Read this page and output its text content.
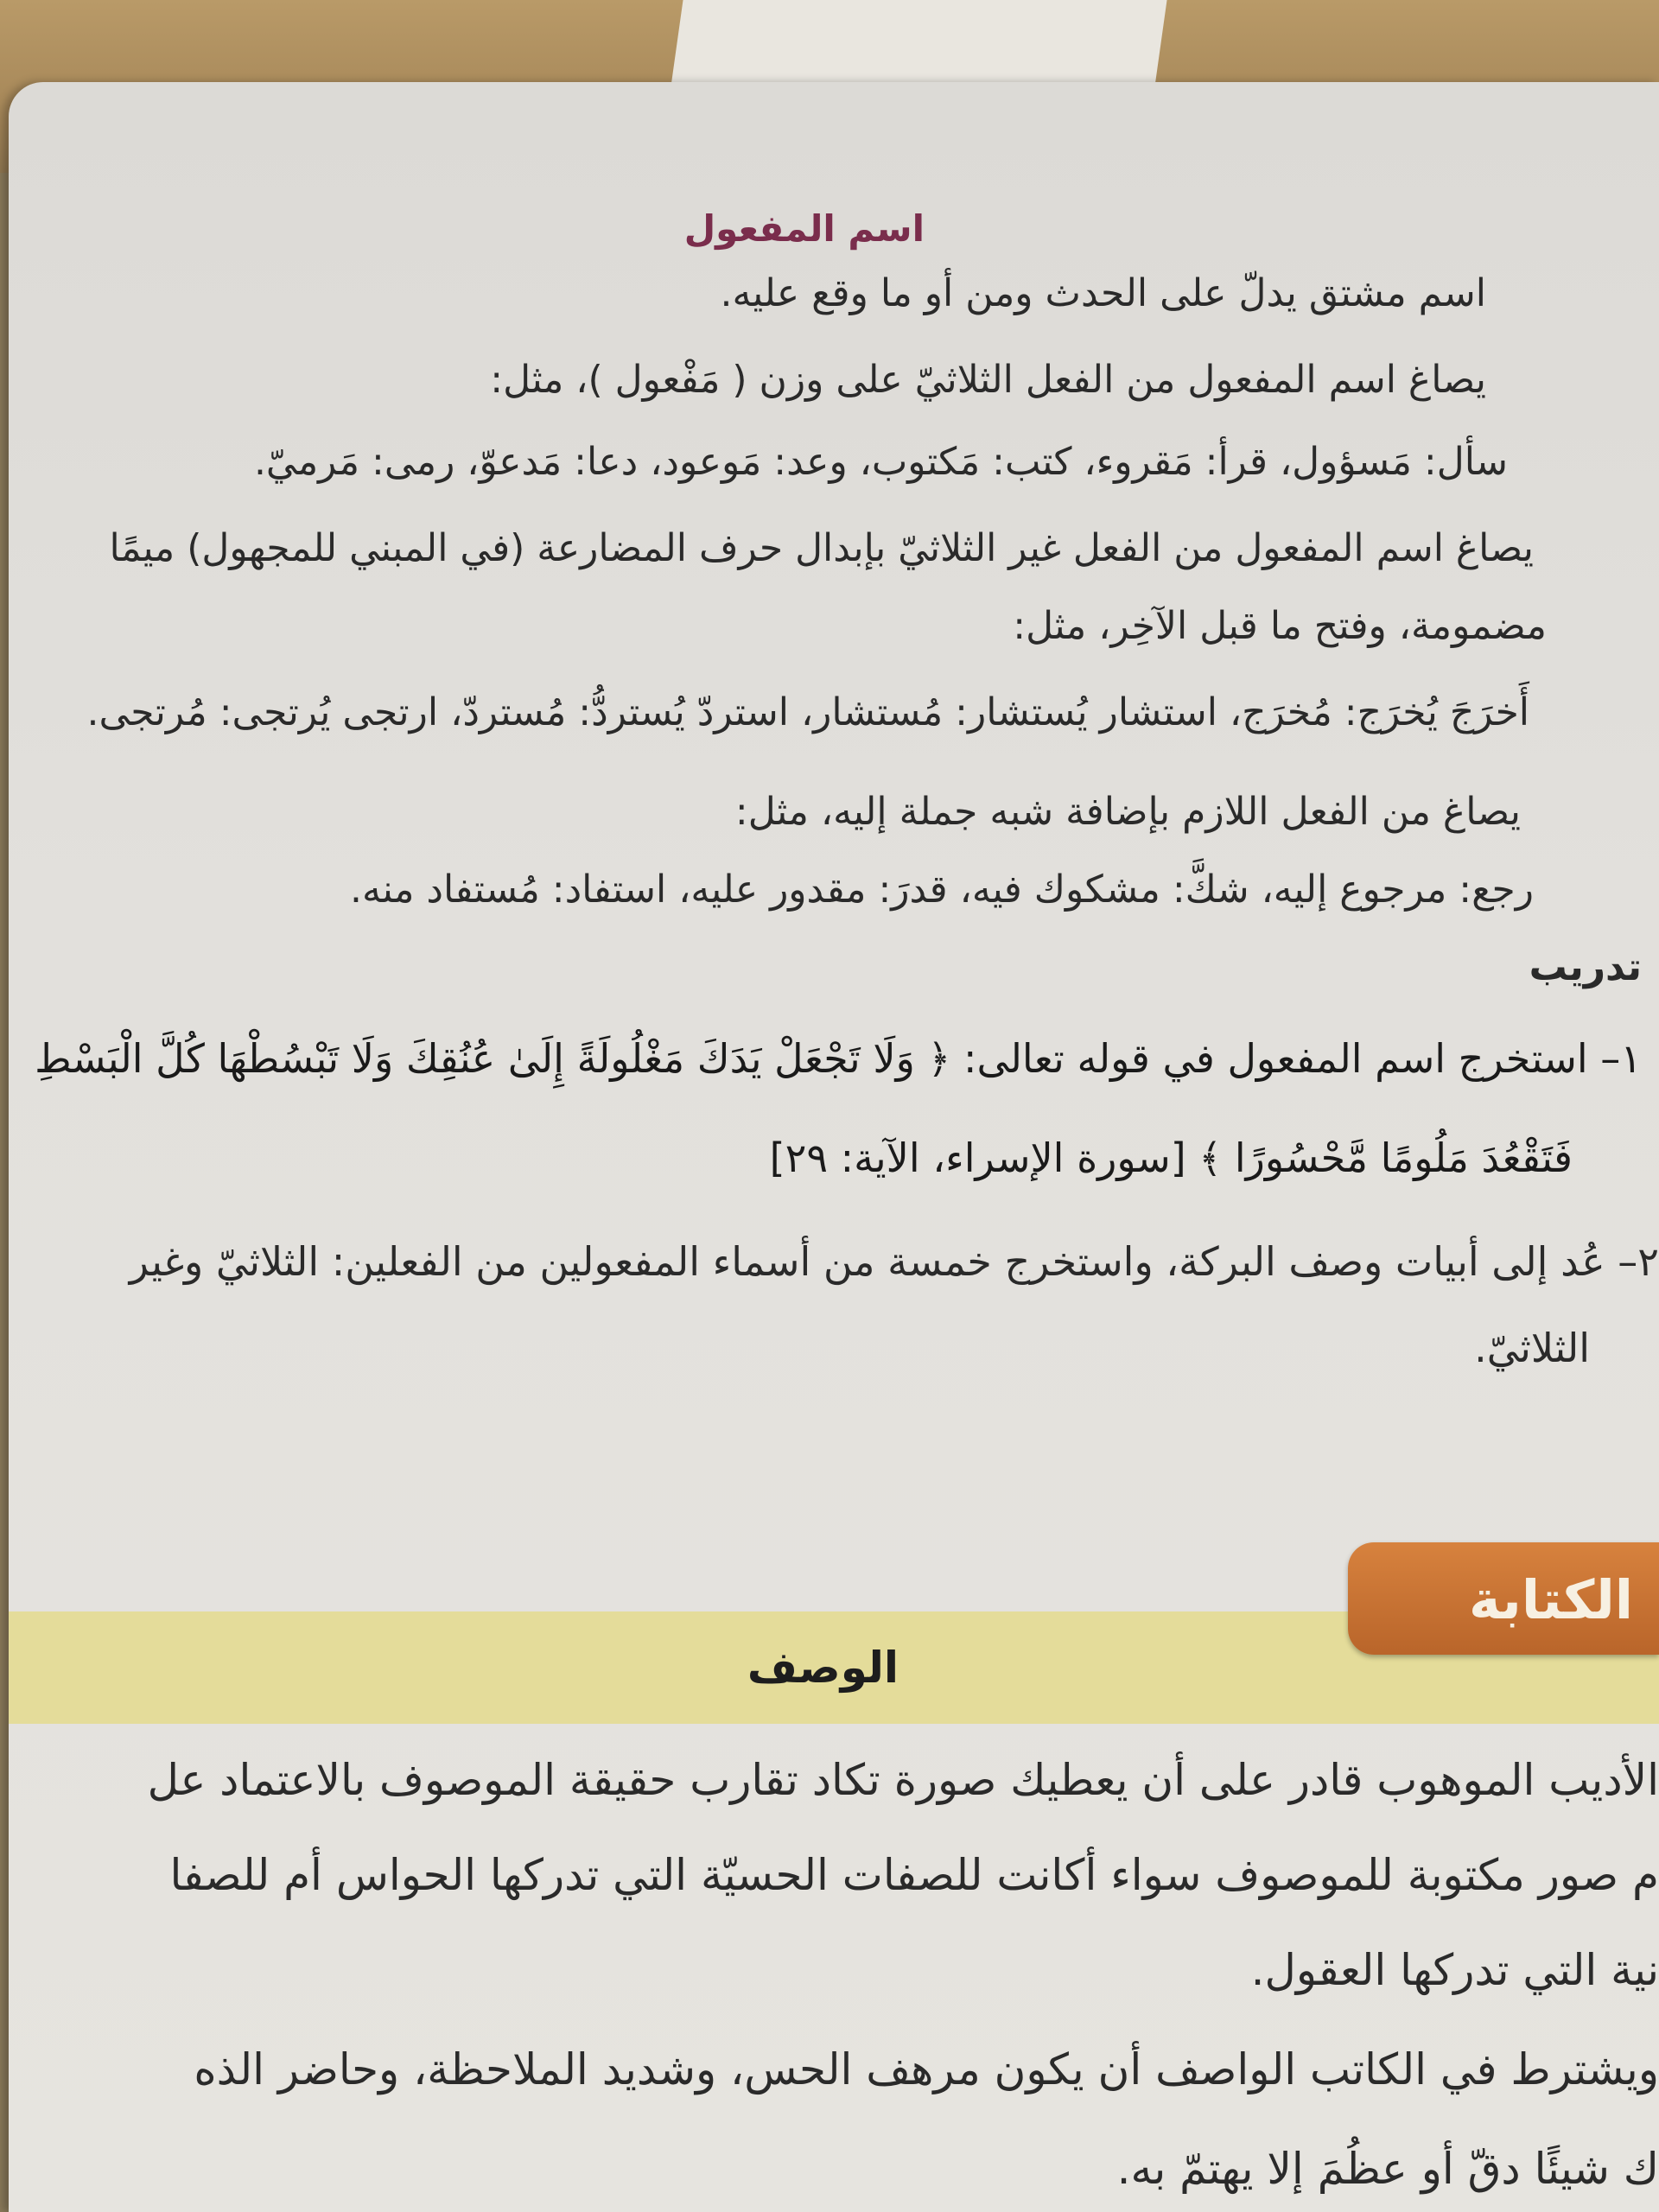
اسم المفعول
اسم مشتق يدلّ على الحدث ومن أو ما وقع عليه.
يصاغ اسم المفعول من الفعل الثلاثيّ على وزن ( مَفْعول )، مثل:
سأل: مَسؤول، قرأ: مَقروء، كتب: مَكتوب، وعد: مَوعود، دعا: مَدعوّ، رمى: مَرميّ.
يصاغ اسم المفعول من الفعل غير الثلاثيّ بإبدال حرف المضارعة (في المبني للمجهول) ميمًا
مضمومة، وفتح ما قبل الآخِر، مثل:
أَخرَجَ يُخرَج: مُخرَج، استشار يُستشار: مُستشار، استردّ يُستردُّ: مُستردّ، ارتجى يُرتجى: مُرتجى.
يصاغ من الفعل اللازم بإضافة شبه جملة إليه، مثل:
رجع: مرجوع إليه، شكَّ: مشكوك فيه، قدرَ: مقدور عليه، استفاد: مُستفاد منه.
تدريب
١– استخرج اسم المفعول في قوله تعالى: ﴿ وَلَا تَجْعَلْ يَدَكَ مَغْلُولَةً إِلَىٰ عُنُقِكَ وَلَا تَبْسُطْهَا كُلَّ الْبَسْطِ
فَتَقْعُدَ مَلُومًا مَّحْسُورًا ﴾ [سورة الإسراء، الآية: ٢٩]
٢– عُد إلى أبيات وصف البركة، واستخرج خمسة من أسماء المفعولين من الفعلين: الثلاثيّ وغير
الثلاثيّ.
الوصف
الكتابة
الأديب الموهوب قادر على أن يعطيك صورة تكاد تقارب حقيقة الموصوف بالاعتماد عل
م صور مكتوبة للموصوف سواء أكانت للصفات الحسيّة التي تدركها الحواس أم للصفا
نية التي تدركها العقول.
ويشترط في الكاتب الواصف أن يكون مرهف الحس، وشديد الملاحظة، وحاضر الذه
ك شيئًا دقّ أو عظُمَ إلا يهتمّ به.
